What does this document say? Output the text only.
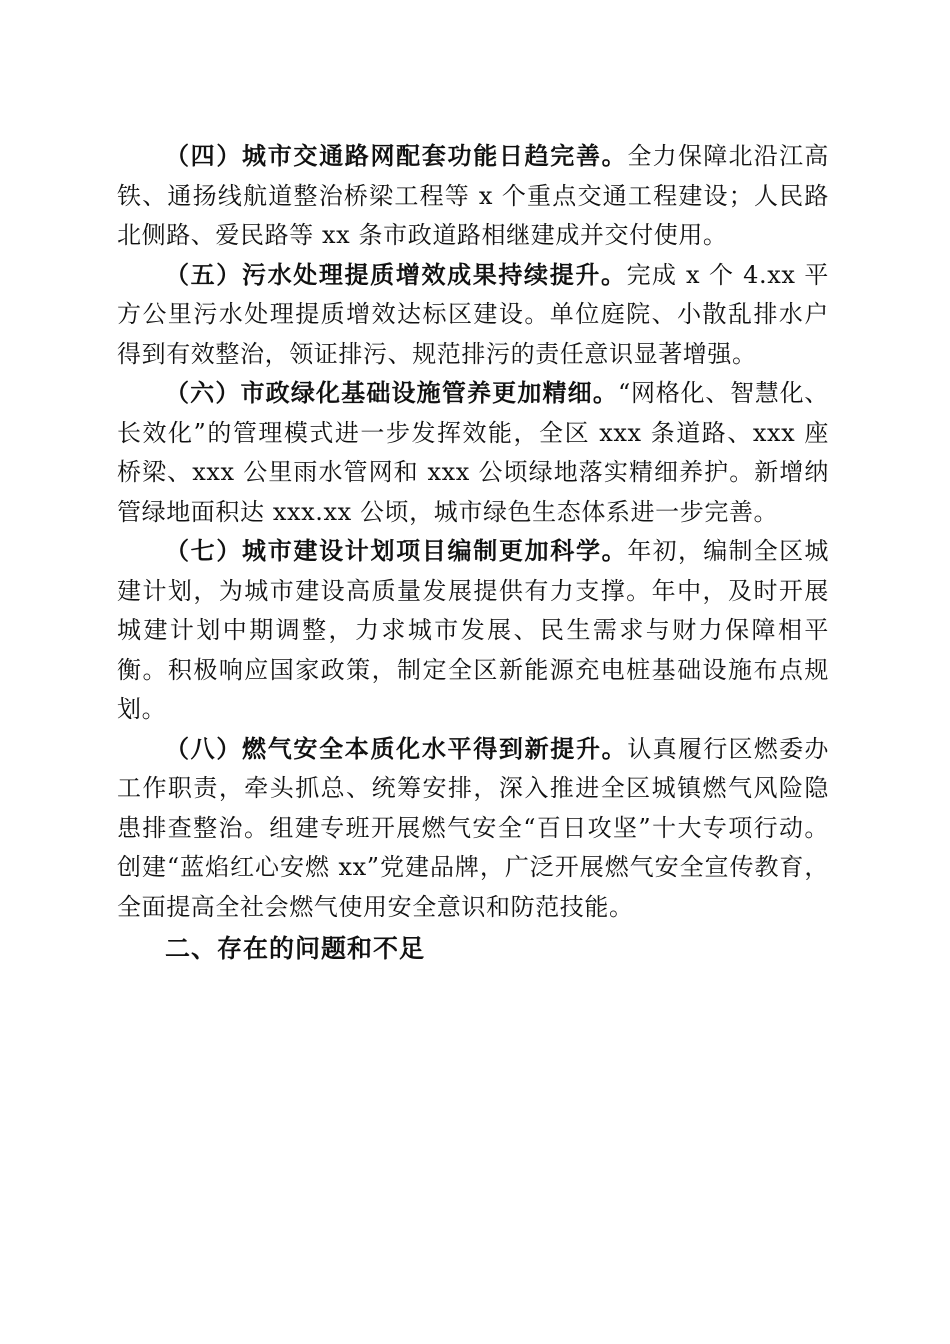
（四）城市交通路网配套功能日趋完善。全力保障北沿江高铁、通扬线航道整治桥梁工程等 x 个重点交通工程建设；人民路北侧路、爱民路等 xx 条市政道路相继建成并交付使用。

（五）污水处理提质增效成果持续提升。完成 x 个 4.xx 平方公里污水处理提质增效达标区建设。单位庭院、小散乱排水户得到有效整治，领证排污、规范排污的责任意识显著增强。

（六）市政绿化基础设施管养更加精细。“网格化、智慧化、长效化”的管理模式进一步发挥效能，全区 xxx 条道路、xxx 座桥梁、xxx 公里雨水管网和 xxx 公顷绿地落实精细养护。新增纳管绿地面积达 xxx.xx 公顷，城市绿色生态体系进一步完善。

（七）城市建设计划项目编制更加科学。年初，编制全区城建计划，为城市建设高质量发展提供有力支撑。年中，及时开展城建计划中期调整，力求城市发展、民生需求与财力保障相平衡。积极响应国家政策，制定全区新能源充电桩基础设施布点规划。

（八）燃气安全本质化水平得到新提升。认真履行区燃委办工作职责，牵头抓总、统筹安排，深入推进全区城镇燃气风险隐患排查整治。组建专班开展燃气安全“百日攻坚”十大专项行动。创建“蓝焰红心安燃 xx”党建品牌，广泛开展燃气安全宣传教育，全面提高全社会燃气使用安全意识和防范技能。

二、存在的问题和不足
